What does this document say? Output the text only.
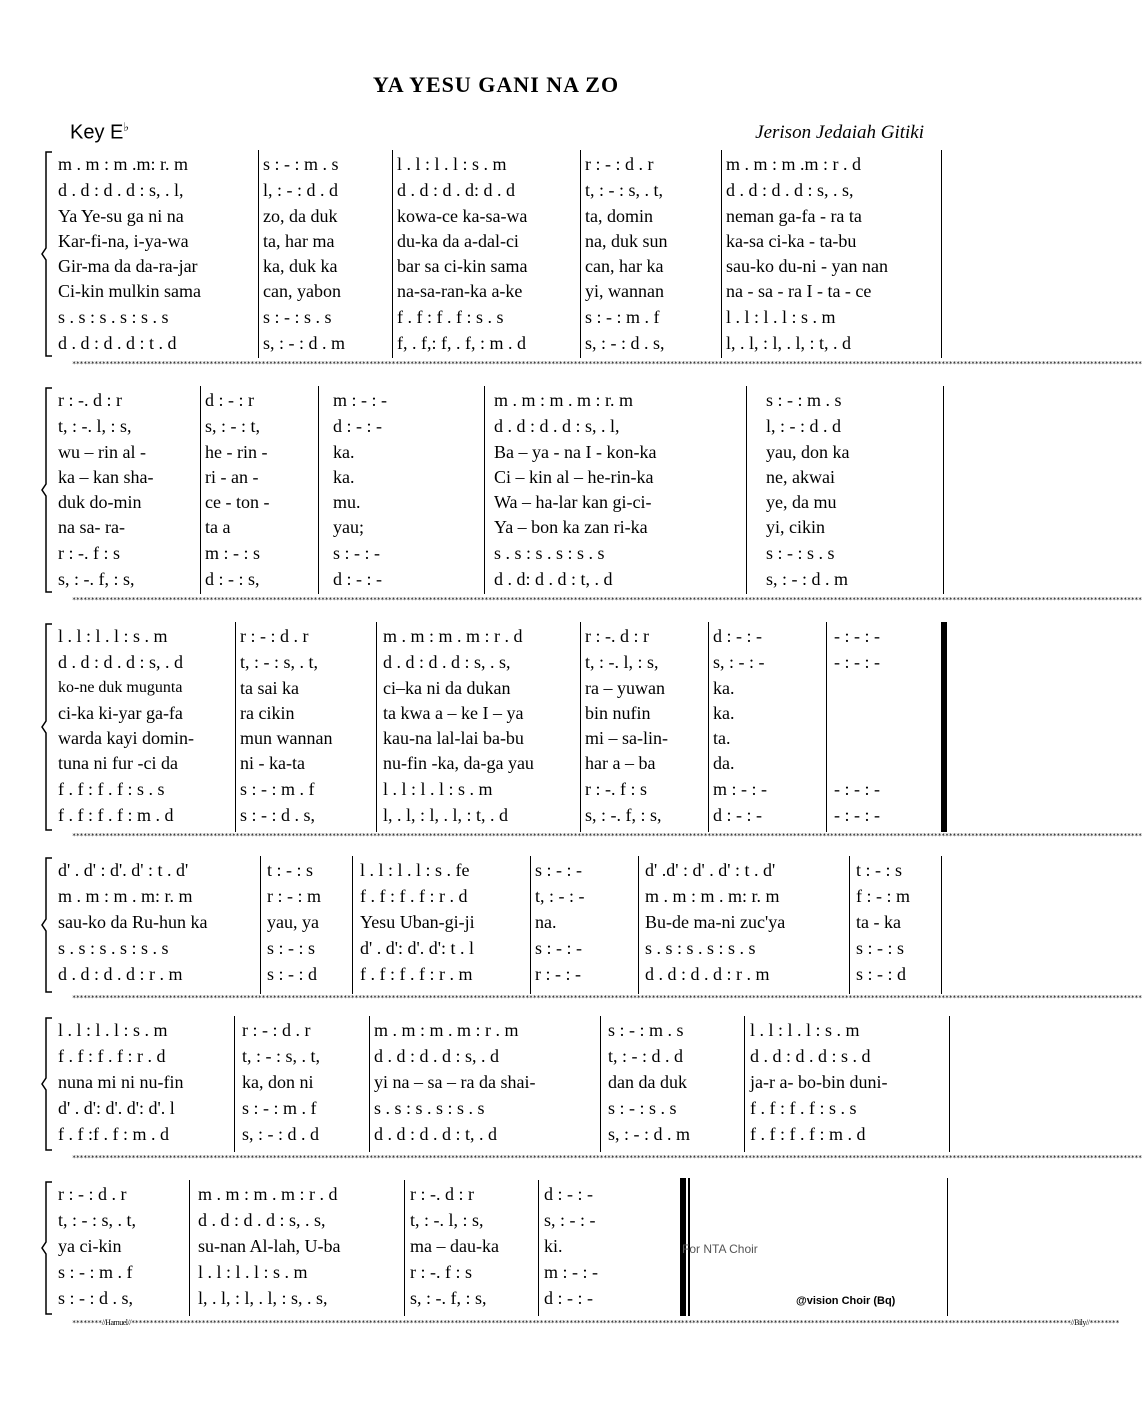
YA YESU GANI NA ZO
Key E♭	Jerison Jedaiah Gitiki
m . m : m .m: r. m
d . d : d . d : s, . l,
Ya Ye-su ga ni na
Kar-fi-na, i-ya-wa
Gir-ma da da-ra-jar
Ci-kin mulkin sama
s . s : s . s : s . s
d . d : d . d : t . d
s : - : m . s
l, : - : d . d
zo, da duk
ta, har ma
ka, duk ka
can, yabon
s : - : s . s
s, : - : d . m
l . l : l . l : s . m
d . d : d . d: d . d
kowa-ce ka-sa-wa
du-ka da a-dal-ci
bar sa ci-kin sama
na-sa-ran-ka a-ke
f . f : f . f : s . s
f, . f,: f, . f, : m . d
r : - : d . r
t, : - : s, . t,
ta, domin
na, duk sun
can, har ka
yi, wannan
s : - : m . f
s, : - : d . s,
m . m : m .m : r . d
d . d : d . d : s, . s,
neman ga-fa - ra ta
ka-sa ci-ka - ta-bu
sau-ko du-ni - yan nan
na - sa - ra I - ta - ce
l . l : l . l : s . m
l, . l, : l, . l, : t, . d
************************************************************************************************************************************************************************************************************************************************************************************************
r : -. d : r
t, : -. l, : s,
wu – rin al -
ka – kan sha-
duk do-min
na sa- ra-
r : -. f : s
s, : -. f, : s,
d : - : r
s, : - : t,
he - rin -
ri - an -
ce - ton -
ta a
m : - : s
d : - : s,
m : - : -
d : - : -
ka.
ka.
mu.
yau;
s : - : -
d : - : -
m . m : m . m : r. m
d . d : d . d : s, . l,
Ba – ya - na I - kon-ka
Ci – kin al – he-rin-ka
Wa – ha-lar kan gi-ci-
Ya – bon ka zan ri-ka
s . s : s . s : s . s
d . d: d . d : t, . d
s : - : m . s
l, : - : d . d
yau, don ka
ne, akwai
ye, da mu
yi, cikin
s : - : s . s
s, : - : d . m
************************************************************************************************************************************************************************************************************************************************************************************************
l . l : l . l : s . m
d . d : d . d : s, . d
ko-ne duk mugunta
ci-ka ki-yar ga-fa
warda kayi domin-
tuna ni fur -ci da
f . f : f . f : s . s
f . f : f . f : m . d
r : - : d . r
t, : - : s, . t,
ta sai ka
ra cikin
mun wannan
ni - ka-ta
s : - : m . f
s : - : d . s,
m . m : m . m : r . d
d . d : d . d : s, . s,
ci–ka ni da dukan
ta kwa a – ke I – ya
kau-na lal-lai ba-bu
nu-fin -ka, da-ga yau
l . l : l . l : s . m
l, . l, : l, . l, : t, . d
r : -. d : r
t, : -. l, : s,
ra – yuwan
bin nufin
mi – sa-lin-
har a – ba
r : -. f : s
s, : -. f, : s,
d : - : -
s, : - : -
ka.
ka.
ta.
da.
m : - : -
d : - : -
- : - : -
- : - : -
- : - : -
- : - : -
************************************************************************************************************************************************************************************************************************************************************************************************
d' . d' : d'. d' : t . d'
m . m : m . m: r. m
sau-ko da Ru-hun ka
s . s : s . s : s . s
d . d : d . d : r . m
t : - : s
r : - : m
yau, ya
s : - : s
s : - : d
l . l : l . l : s . fe
f . f : f . f : r . d
Yesu Uban-gi-ji
d' . d': d'. d': t . l
f . f : f . f : r . m
s : - : -
t, : - : -
na.
s : - : -
r : - : -
d' .d' : d' . d' : t . d'
m . m : m . m: r. m
Bu-de ma-ni zuc'ya
s . s : s . s : s . s
d . d : d . d : r . m
t : - : s
f : - : m
ta - ka
s : - : s
s : - : d
************************************************************************************************************************************************************************************************************************************************************************************************
l . l : l . l : s . m
f . f : f . f : r . d
nuna mi ni nu-fin
d' . d': d'. d': d'. l
f . f :f . f : m . d
r : - : d . r
t, : - : s, . t,
ka, don ni
s : - : m . f
s, : - : d . d
m . m : m . m : r . m
d . d : d . d : s, . d
yi na – sa – ra da shai-
s . s : s . s : s . s
d . d : d . d : t, . d
s : - : m . s
t, : - : d . d
dan da duk
s : - : s . s
s, : - : d . m
l . l : l . l : s . m
d . d : d . d : s . d
ja-r a- bo-bin duni-
f . f : f . f : s . s
f . f : f . f : m . d
************************************************************************************************************************************************************************************************************************************************************************************************
r : - : d . r
t, : - : s, . t,
ya ci-kin
s : - : m . f
s : - : d . s,
m . m : m . m : r . d
d . d : d . d : s, . s,
su-nan Al-lah, U-ba
l . l : l . l : s . m
l, . l, : l, . l, : s, . s,
r : -. d : r
t, : -. l, : s,
ma – dau-ka
r : -. f : s
s, : -. f, : s,
d : - : -
s, : - : -
ki.
m : - : -
d : - : -
For NTA Choir
@vision Choir (Bq)
********//Hamuel//*************************************************************************************************************************************************************************************************************************************************************//Bily//********
